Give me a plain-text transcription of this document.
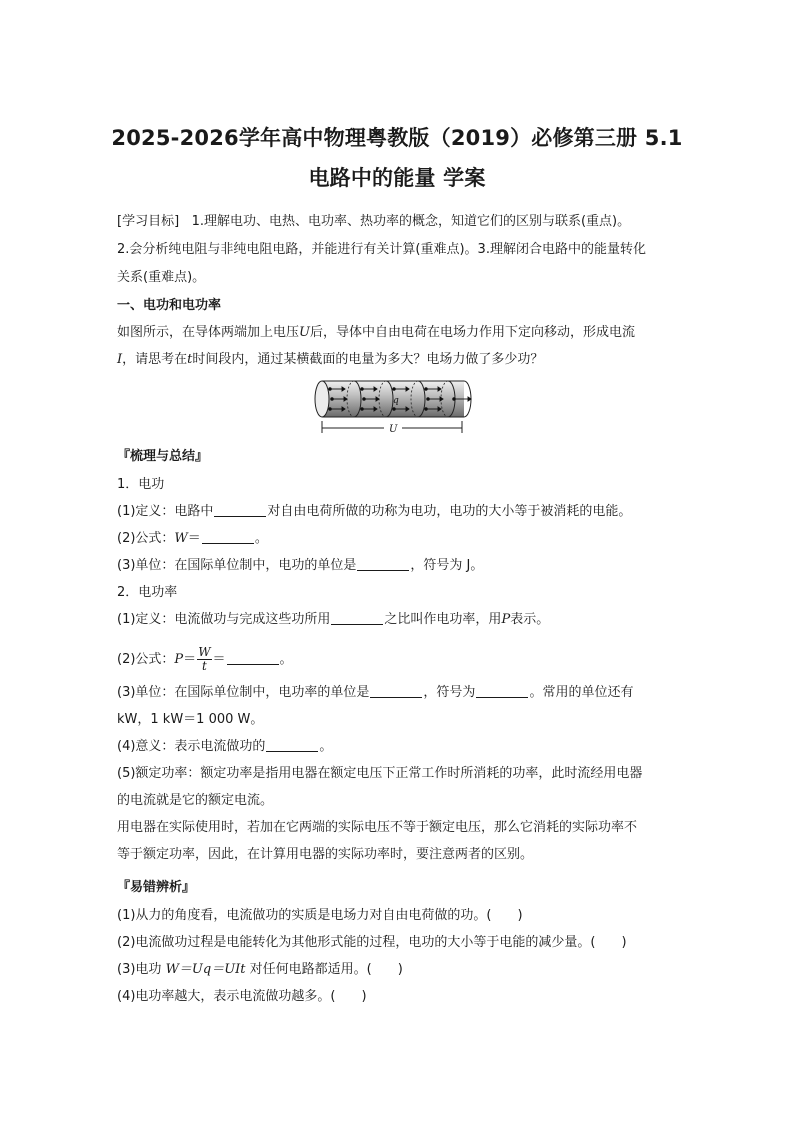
2025-2026学年高中物理粤教版（2019）必修第三册 5.1
电路中的能量 学案
[学习目标] 1.理解电功、电热、电功率、热功率的概念，知道它们的区别与联系(重点)。
2.会分析纯电阻与非纯电阻电路，并能进行有关计算(重难点)。3.理解闭合电路中的能量转化
关系(重难点)。
一、电功和电功率
如图所示，在导体两端加上电压U后，导体中自由电荷在电场力作用下定向移动，形成电流
I，请思考在t时间段内，通过某横截面的电量为多大？电场力做了多少功？
q
U
『梳理与总结』
1．电功
(1)定义：电路中	对自由电荷所做的功称为电功，电功的大小等于被消耗的电能。
(2)公式：W＝	。
(3)单位：在国际单位制中，电功的单位是	，符号为 J。
2．电功率
(1)定义：电流做功与完成这些功所用	之比叫作电功率，用P表示。
(2)公式：$P= \frac{W}{t}$ ＝	。
(3)单位：在国际单位制中，电功率的单位是	，符号为	。常用的单位还有
kW，1 kW＝1 000 W。
(4)意义：表示电流做功的	。
(5)额定功率：额定功率是指用电器在额定电压下正常工作时所消耗的功率，此时流经用电器
的电流就是它的额定电流。
用电器在实际使用时，若加在它两端的实际电压不等于额定电压，那么它消耗的实际功率不
等于额定功率，因此，在计算用电器的实际功率时，要注意两者的区别。
『易错辨析』
(1)从力的角度看，电流做功的实质是电场力对自由电荷做的功。( )
(2)电流做功过程是电能转化为其他形式能的过程，电功的大小等于电能的减少量。( )
(3)电功 W＝Uq＝UIt 对任何电路都适用。( )
(4)电功率越大，表示电流做功越多。( )
